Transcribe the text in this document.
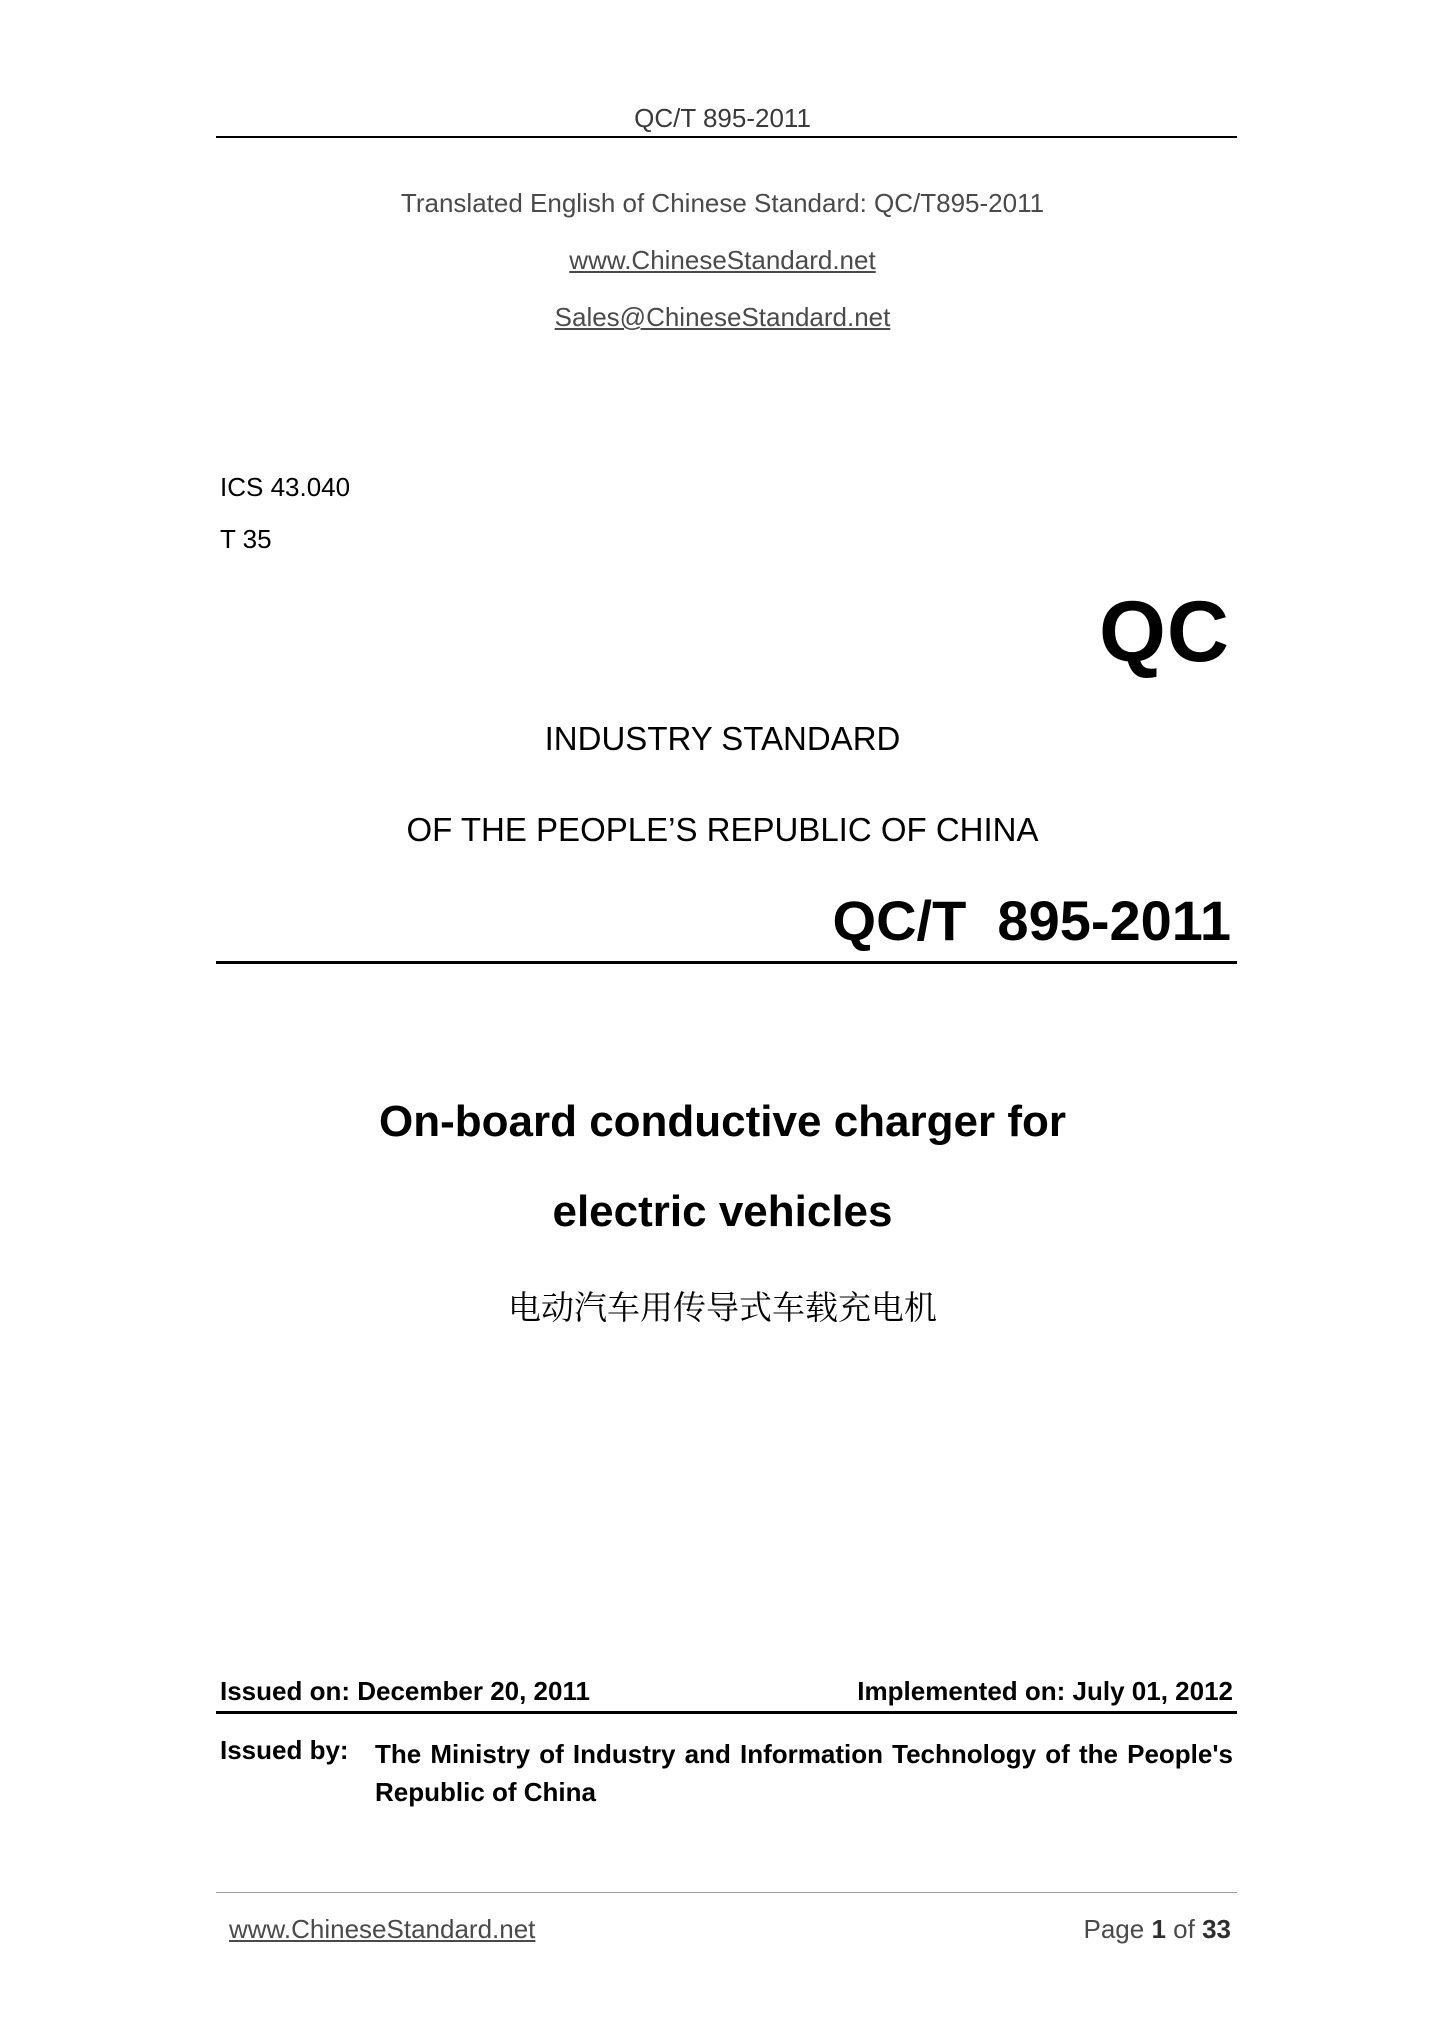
QC/T 895-2011
Translated English of Chinese Standard: QC/T895-2011
www.ChineseStandard.net
Sales@ChineseStandard.net
ICS 43.040
T 35
QC
INDUSTRY STANDARD
OF THE PEOPLE’S REPUBLIC OF CHINA
QC/T  895-2011
On-board conductive charger for
electric vehicles
电动汽车用传导式车载充电机
Issued on: December 20, 2011	Implemented on: July 01, 2012
Issued by: The Ministry of Industry and Information Technology of the People's Republic of China
www.ChineseStandard.net	Page 1 of 33
